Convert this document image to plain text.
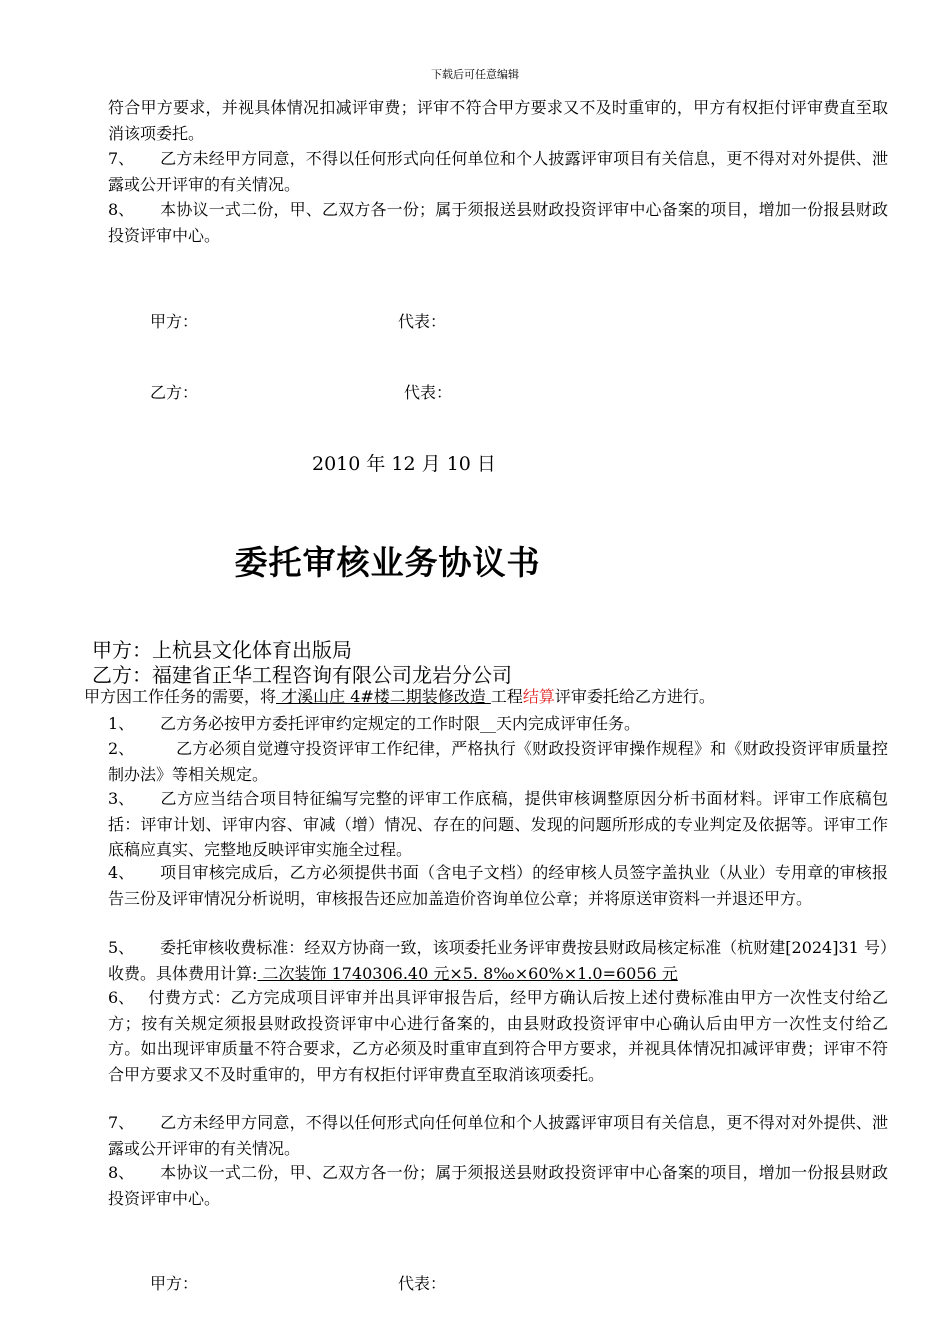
下载后可任意编辑
符合甲方要求，并视具体情况扣减评审费；评审不符合甲方要求又不及时重审的，甲方有权拒付评审费直至取消该项委托。
7、 乙方未经甲方同意，不得以任何形式向任何单位和个人披露评审项目有关信息，更不得对对外提供、泄露或公开评审的有关情况。
8、 本协议一式二份，甲、乙双方各一份；属于须报送县财政投资评审中心备案的项目，增加一份报县财政投资评审中心。
甲方：	代表：
乙方：	代表：
2010 年 12 月 10 日
委托审核业务协议书
甲方：上杭县文化体育出版局
乙方：福建省正华工程咨询有限公司龙岩分公司
甲方因工作任务的需要，将 才溪山庄 4#楼二期装修改造 工程结算评审委托给乙方进行。
1、 乙方务必按甲方委托评审约定规定的工作时限__天内完成评审任务。
2、	乙方必须自觉遵守投资评审工作纪律，严格执行《财政投资评审操作规程》和《财政投资评审质量控制办法》等相关规定。
3、 乙方应当结合项目特征编写完整的评审工作底稿，提供审核调整原因分析书面材料。评审工作底稿包括：评审计划、评审内容、审减（增）情况、存在的问题、发现的问题所形成的专业判定及依据等。评审工作底稿应真实、完整地反映评审实施全过程。
4、 项目审核完成后，乙方必须提供书面（含电子文档）的经审核人员签字盖执业（从业）专用章的审核报告三份及评审情况分析说明，审核报告还应加盖造价咨询单位公章；并将原送审资料一并退还甲方。
5、 委托审核收费标准：经双方协商一致，该项委托业务评审费按县财政局核定标准（杭财建[2024]31 号）收费。具体费用计算: 二次装饰 1740306.40 元×5. 8‰×60%×1.0=6056 元
6、 付费方式：乙方完成项目评审并出具评审报告后，经甲方确认后按上述付费标准由甲方一次性支付给乙方；按有关规定须报县财政投资评审中心进行备案的，由县财政投资评审中心确认后由甲方一次性支付给乙方。如出现评审质量不符合要求，乙方必须及时重审直到符合甲方要求，并视具体情况扣减评审费；评审不符合甲方要求又不及时重审的，甲方有权拒付评审费直至取消该项委托。
7、 乙方未经甲方同意，不得以任何形式向任何单位和个人披露评审项目有关信息，更不得对对外提供、泄露或公开评审的有关情况。
8、 本协议一式二份，甲、乙双方各一份；属于须报送县财政投资评审中心备案的项目，增加一份报县财政投资评审中心。
甲方：	代表：
